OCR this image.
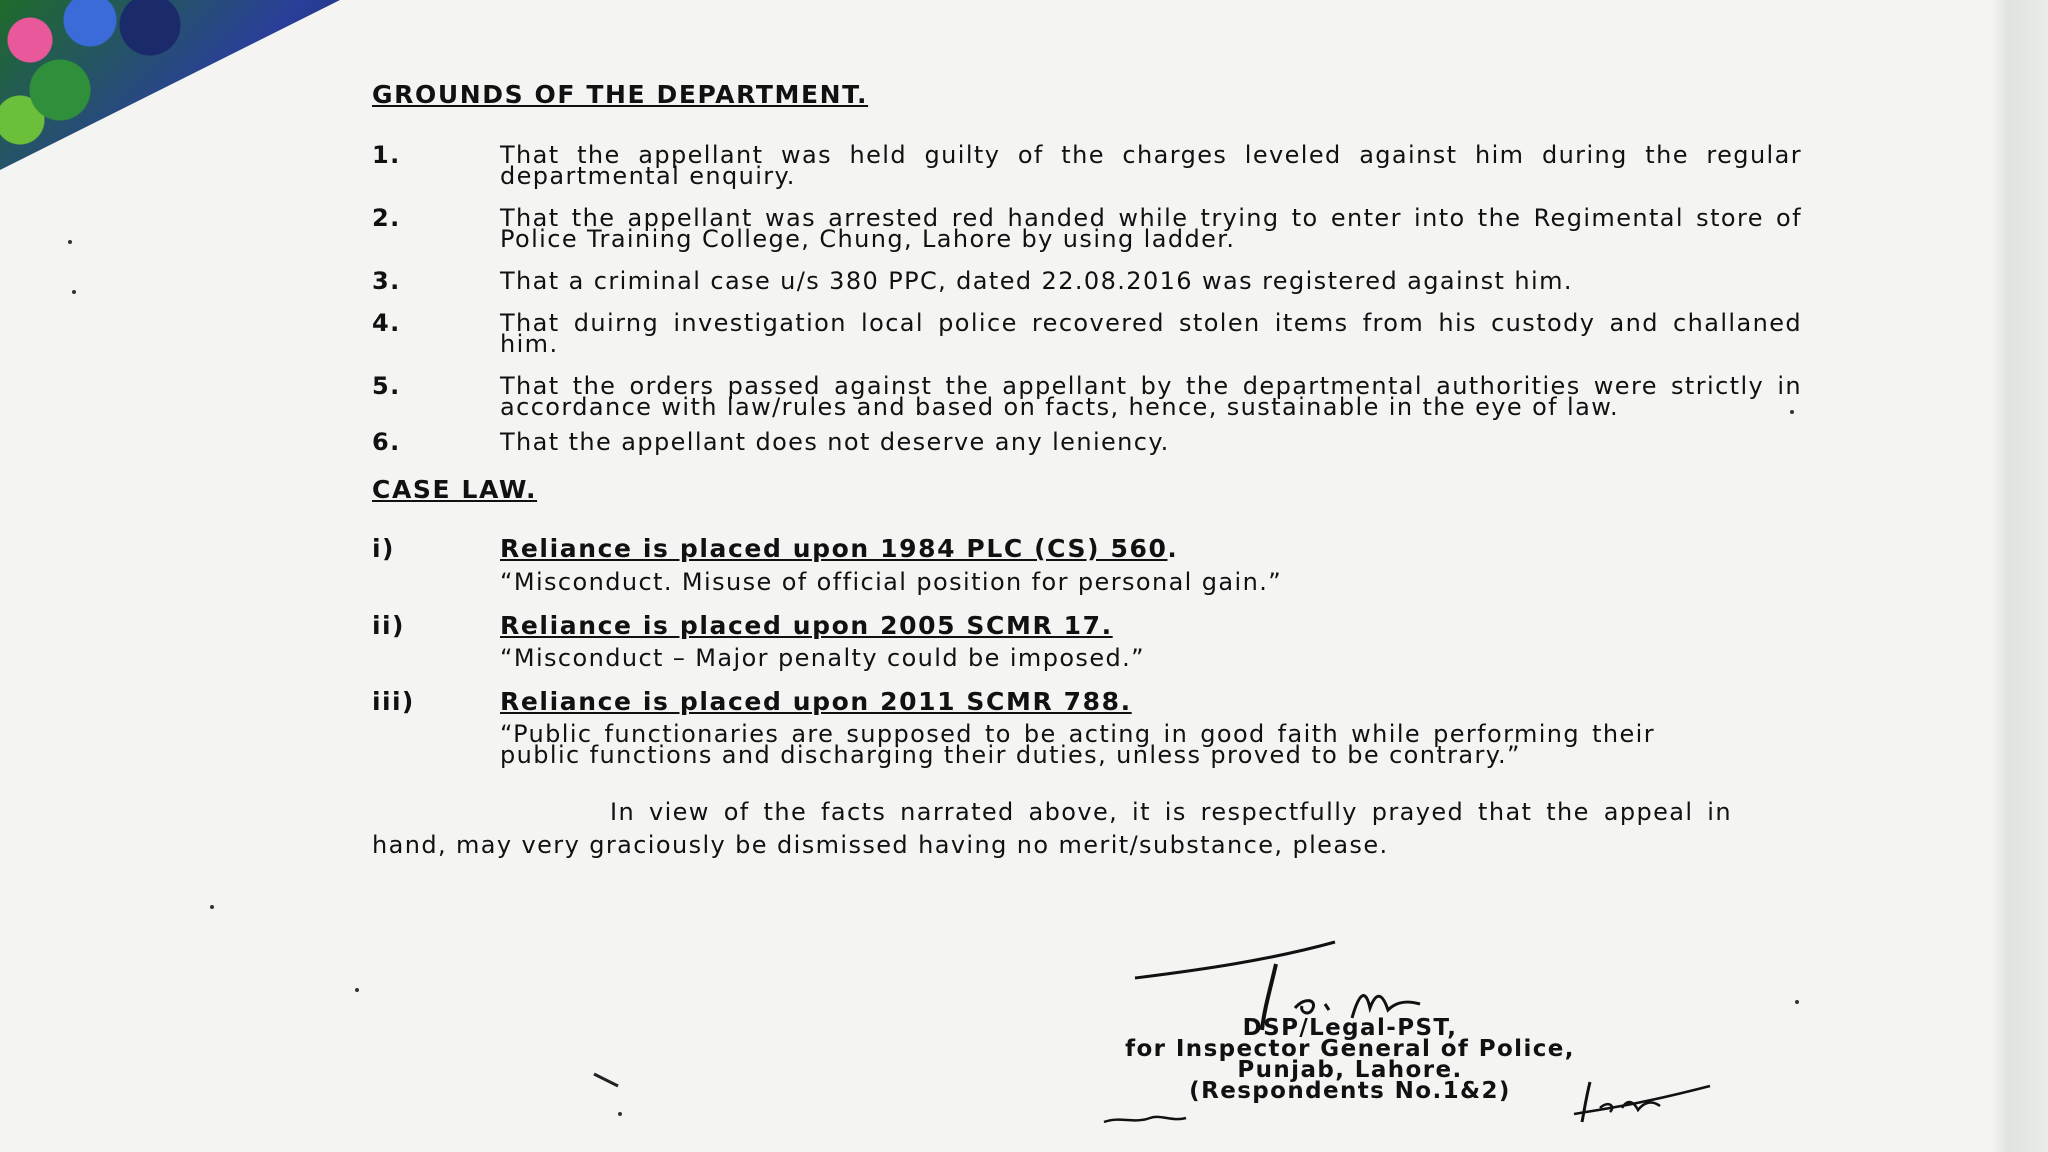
GROUNDS OF THE DEPARTMENT.
1.	That the appellant was held guilty of the charges leveled against him during the regular departmental enquiry.
2.	That the appellant was arrested red handed while trying to enter into the Regimental store of Police Training College, Chung, Lahore by using ladder.
3.	That a criminal case u/s 380 PPC, dated 22.08.2016 was registered against him.
4.	That duirng investigation local police recovered stolen items from his custody and challaned him.
5.	That the orders passed against the appellant by the departmental authorities were strictly in accordance with law/rules and based on facts, hence, sustainable in the eye of law.
6.	That the appellant does not deserve any leniency.
CASE LAW.
i)	Reliance is placed upon 1984 PLC (CS) 560.
“Misconduct. Misuse of official position for personal gain.”
ii)	Reliance is placed upon 2005 SCMR 17.
“Misconduct – Major penalty could be imposed.”
iii)	Reliance is placed upon 2011 SCMR 788.
“Public functionaries are supposed to be acting in good faith while performing their public functions and discharging their duties, unless proved to be contrary.”
In view of the facts narrated above, it is respectfully prayed that the appeal in hand, may very graciously be dismissed having no merit/substance, please.
DSP/Legal-PST,
for Inspector General of Police,
Punjab, Lahore.
(Respondents No.1&2)
